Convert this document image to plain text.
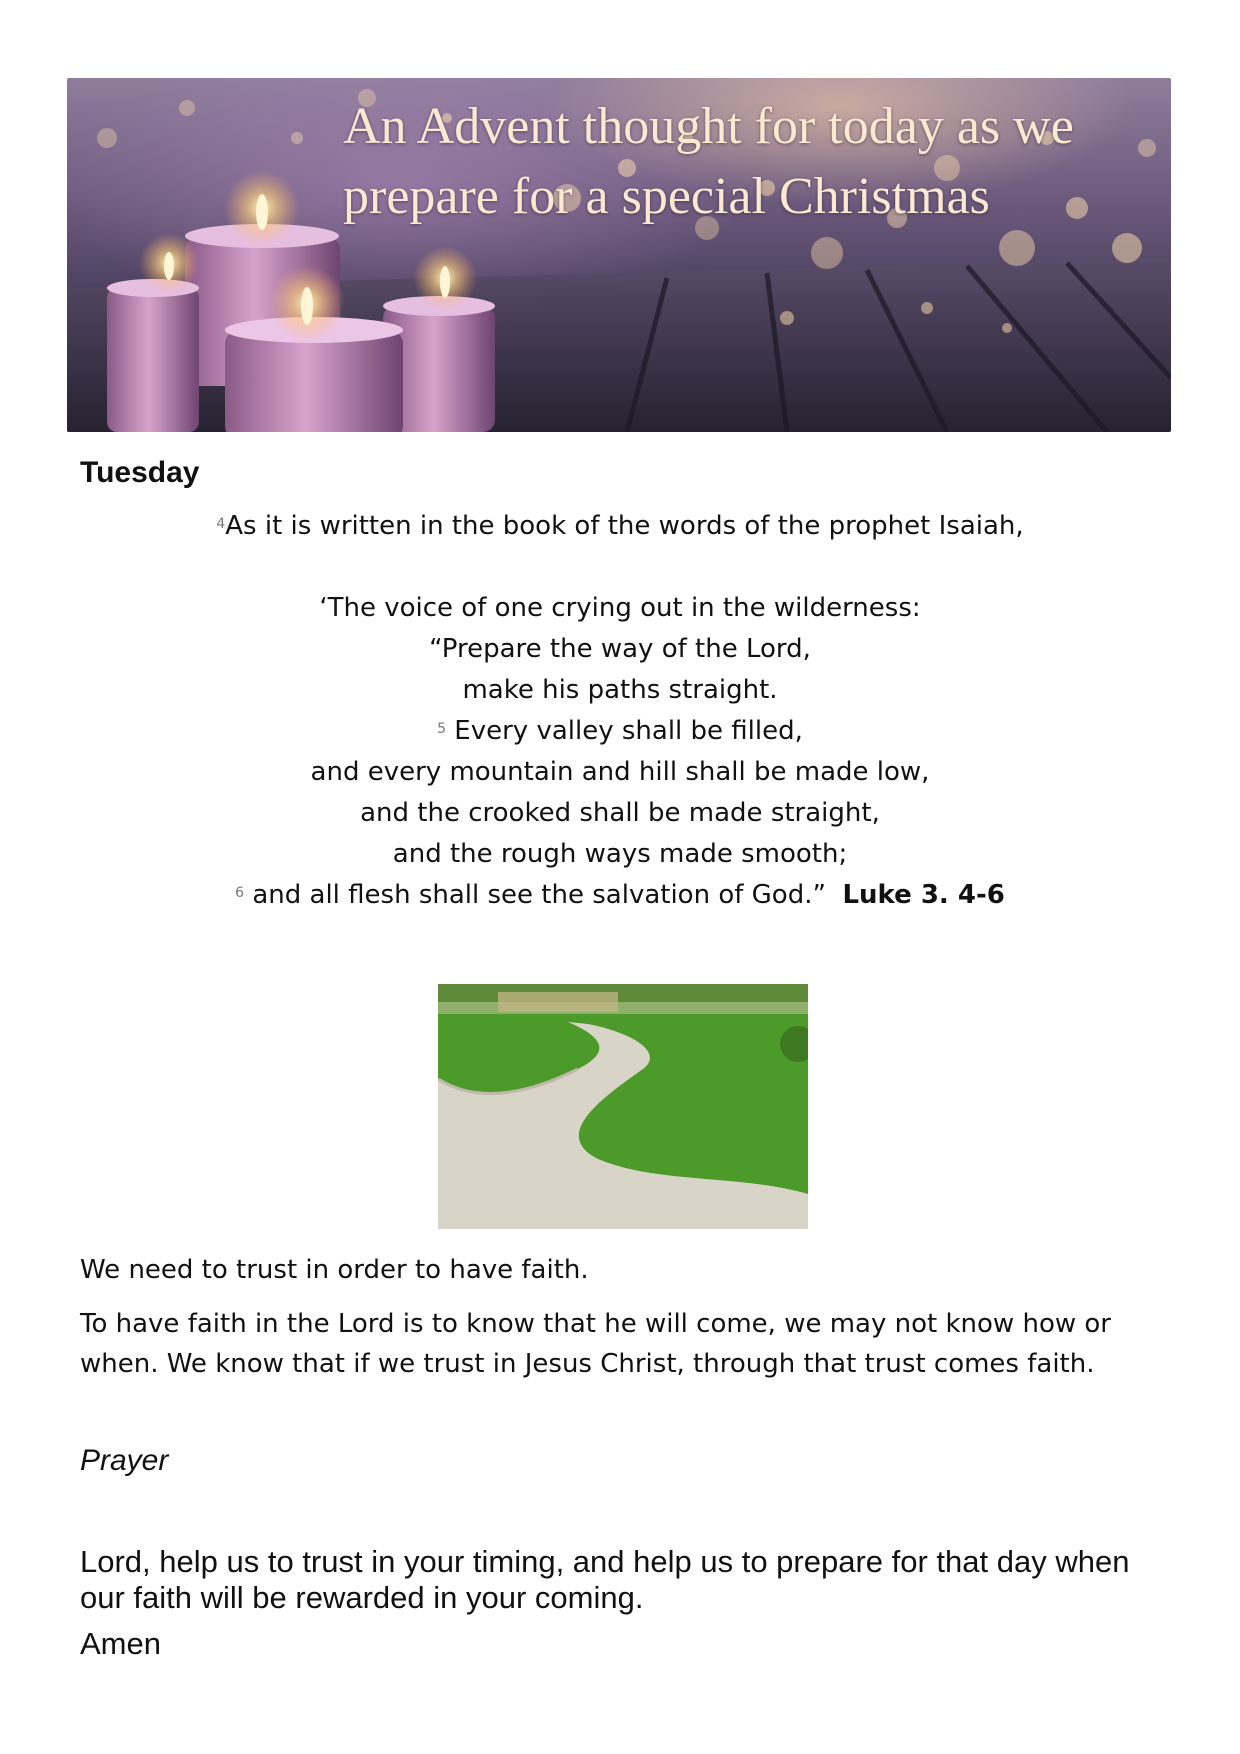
An Advent thought for today as we prepare for a special Christmas
Tuesday
$^4$As it is written in the book of the words of the prophet Isaiah,
‘The voice of one crying out in the wilderness:
“Prepare the way of the Lord,
make his paths straight.
$^5$ Every valley shall be filled,
and every mountain and hill shall be made low,
and the crooked shall be made straight,
and the rough ways made smooth;
$^6$ and all flesh shall see the salvation of God.” Luke 3. 4-6
We need to trust in order to have faith.
To have faith in the Lord is to know that he will come, we may not know how or when. We know that if we trust in Jesus Christ, through that trust comes faith.
Prayer
Lord, help us to trust in your timing, and help us to prepare for that day when our faith will be rewarded in your coming.
Amen
